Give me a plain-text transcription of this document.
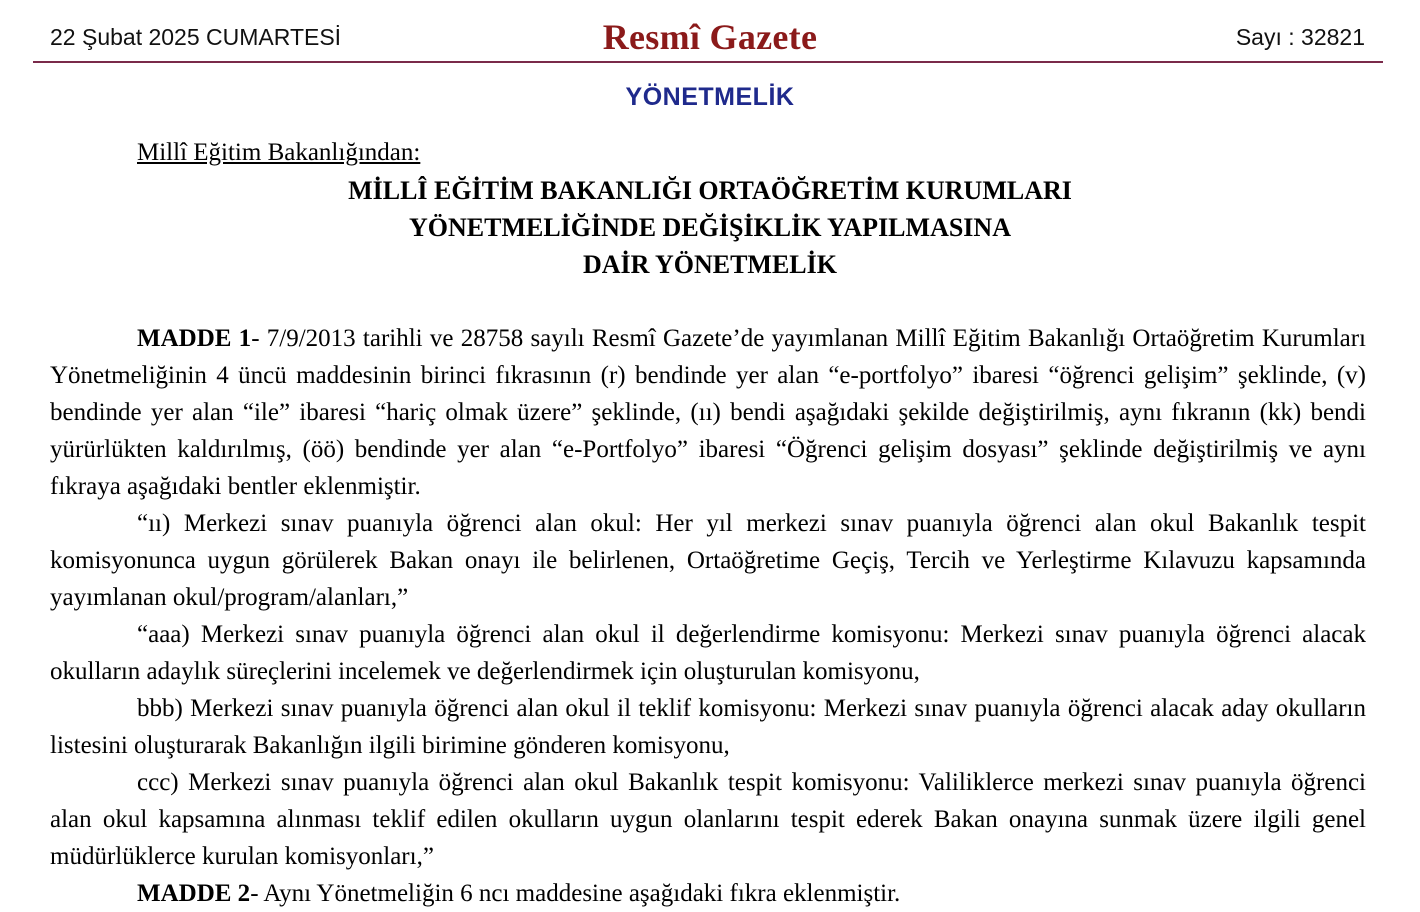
22 Şubat 2025 CUMARTESİ	Resmî Gazete	Sayı : 32821
YÖNETMELİK
Millî Eğitim Bakanlığından:
MİLLÎ EĞİTİM BAKANLIĞI ORTAÖĞRETİM KURUMLARI
YÖNETMELİĞİNDE DEĞİŞİKLİK YAPILMASINA
DAİR YÖNETMELİK

MADDE 1- 7/9/2013 tarihli ve 28758 sayılı Resmî Gazete’de yayımlanan Millî Eğitim Bakanlığı Ortaöğretim Kurumları Yönetmeliğinin 4 üncü maddesinin birinci fıkrasının (r) bendinde yer alan “e-portfolyo” ibaresi “öğrenci gelişim” şeklinde, (v) bendinde yer alan “ile” ibaresi “hariç olmak üzere” şeklinde, (ıı) bendi aşağıdaki şekilde değiştirilmiş, aynı fıkranın (kk) bendi yürürlükten kaldırılmış, (öö) bendinde yer alan “e-Portfolyo” ibaresi “Öğrenci gelişim dosyası” şeklinde değiştirilmiş ve aynı fıkraya aşağıdaki bentler eklenmiştir.

“ıı) Merkezi sınav puanıyla öğrenci alan okul: Her yıl merkezi sınav puanıyla öğrenci alan okul Bakanlık tespit komisyonunca uygun görülerek Bakan onayı ile belirlenen, Ortaöğretime Geçiş, Tercih ve Yerleştirme Kılavuzu kapsamında yayımlanan okul/program/alanları,”

“aaa) Merkezi sınav puanıyla öğrenci alan okul il değerlendirme komisyonu: Merkezi sınav puanıyla öğrenci alacak okulların adaylık süreçlerini incelemek ve değerlendirmek için oluşturulan komisyonu,

bbb) Merkezi sınav puanıyla öğrenci alan okul il teklif komisyonu: Merkezi sınav puanıyla öğrenci alacak aday okulların listesini oluşturarak Bakanlığın ilgili birimine gönderen komisyonu,

ccc) Merkezi sınav puanıyla öğrenci alan okul Bakanlık tespit komisyonu: Valiliklerce merkezi sınav puanıyla öğrenci alan okul kapsamına alınması teklif edilen okulların uygun olanlarını tespit ederek Bakan onayına sunmak üzere ilgili genel müdürlüklerce kurulan komisyonları,”

MADDE 2- Aynı Yönetmeliğin 6 ncı maddesine aşağıdaki fıkra eklenmiştir.
